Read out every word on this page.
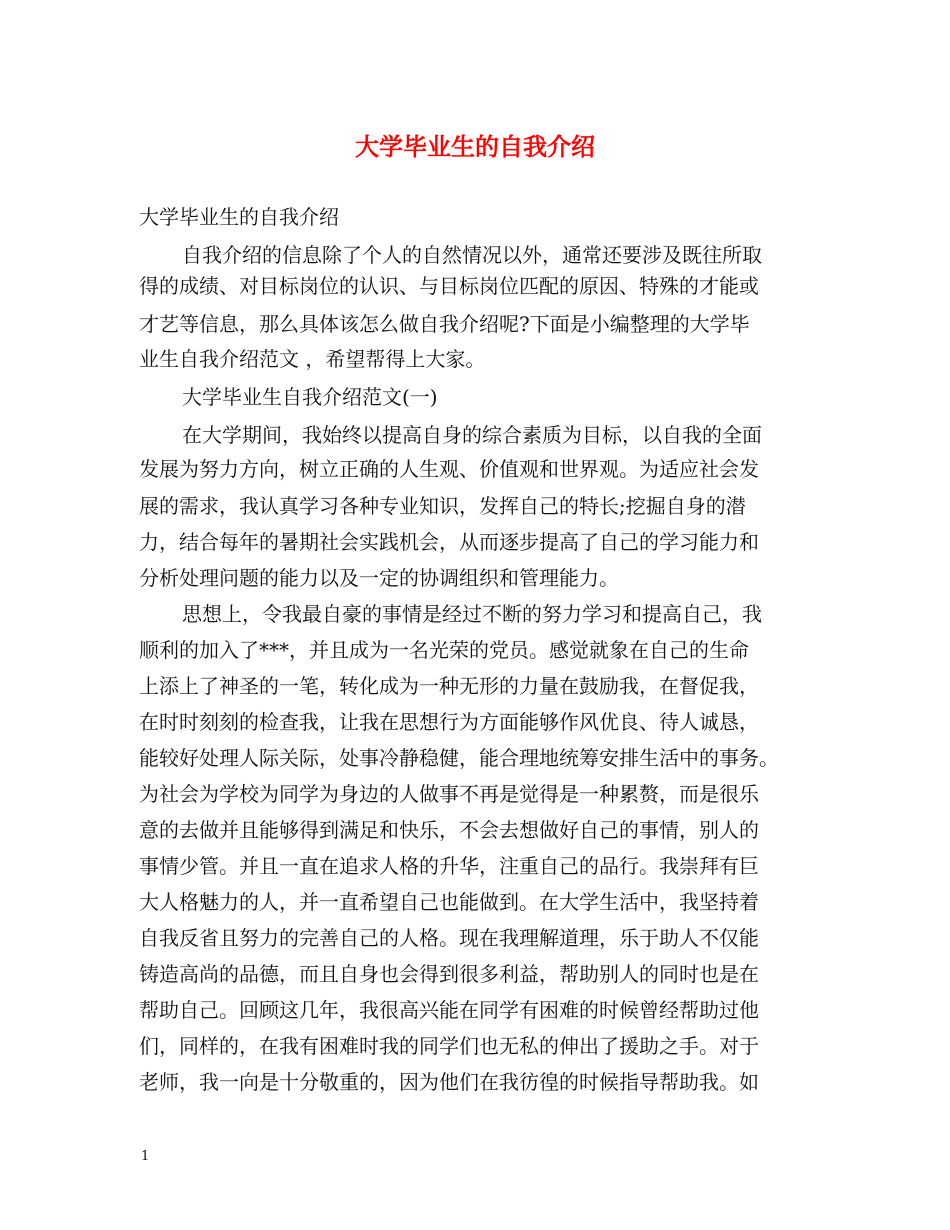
大学毕业生的自我介绍

大学毕业生的自我介绍

自我介绍的信息除了个人的自然情况以外，通常还要涉及既往所取

得的成绩、对目标岗位的认识、与目标岗位匹配的原因、特殊的才能或

才艺等信息，那么具体该怎么做自我介绍呢?下面是小编整理的大学毕

业生自我介绍范文 ，希望帮得上大家。

大学毕业生自我介绍范文(一)

在大学期间，我始终以提高自身的综合素质为目标，以自我的全面

发展为努力方向，树立正确的人生观、价值观和世界观。为适应社会发

展的需求，我认真学习各种专业知识，发挥自己的特长;挖掘自身的潜

力，结合每年的暑期社会实践机会，从而逐步提高了自己的学习能力和

分析处理问题的能力以及一定的协调组织和管理能力。

思想上，令我最自豪的事情是经过不断的努力学习和提高自己，我

顺利的加入了***，并且成为一名光荣的党员。感觉就象在自己的生命

上添上了神圣的一笔，转化成为一种无形的力量在鼓励我，在督促我，

在时时刻刻的检查我，让我在思想行为方面能够作风优良、待人诚恳，

能较好处理人际关际，处事冷静稳健，能合理地统筹安排生活中的事务。

为社会为学校为同学为身边的人做事不再是觉得是一种累赘，而是很乐

意的去做并且能够得到满足和快乐，不会去想做好自己的事情，别人的

事情少管。并且一直在追求人格的升华，注重自己的品行。我崇拜有巨

大人格魅力的人，并一直希望自己也能做到。在大学生活中，我坚持着

自我反省且努力的完善自己的人格。现在我理解道理，乐于助人不仅能

铸造高尚的品德，而且自身也会得到很多利益，帮助别人的同时也是在

帮助自己。回顾这几年，我很高兴能在同学有困难的时候曾经帮助过他

们，同样的，在我有困难时我的同学们也无私的伸出了援助之手。对于

老师，我一向是十分敬重的，因为他们在我彷徨的时候指导帮助我。如

1
